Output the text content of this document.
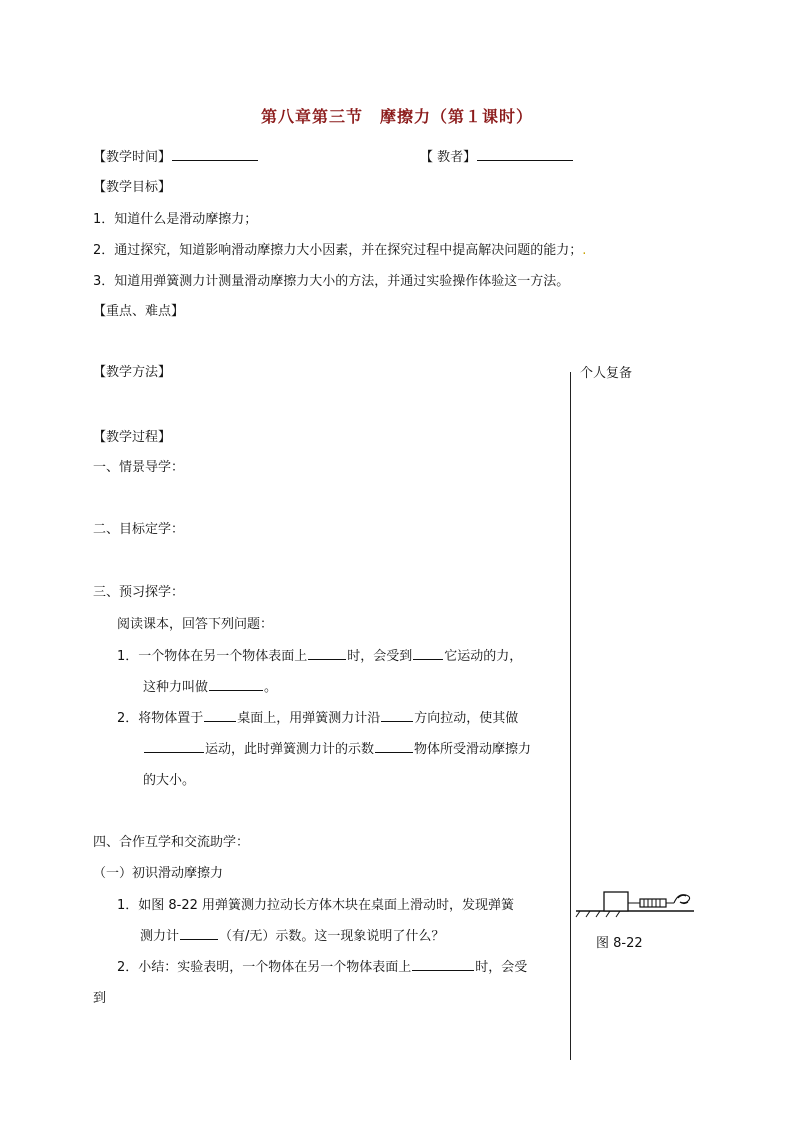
第八章第三节　摩擦力（第１课时）
【教学时间】	【 教者】
【教学目标】
1．知道什么是滑动摩擦力；
2．通过探究，知道影响滑动摩擦力大小因素，并在探究过程中提高解决问题的能力；.
3．知道用弹簧测力计测量滑动摩擦力大小的方法，并通过实验操作体验这一方法。
【重点、难点】
【教学方法】	个人复备
【教学过程】
一、情景导学：
二、目标定学：
三、预习探学：
阅读课本，回答下列问题：
1．一个物体在另一个物体表面上	时，会受到 它运动的力，
这种力叫做	。
2．将物体置于	桌面上，用弹簧测力计沿	方向拉动，使其做
运动，此时弹簧测力计的示数	物体所受滑动摩擦力
的大小。
四、合作互学和交流助学：
（一）初识滑动摩擦力
1．如图 8-22 用弹簧测力拉动长方体木块在桌面上滑动时，发现弹簧
测力计	（有/无）示数。这一现象说明了什么？
2．小结：实验表明，一个物体在另一个物体表面上	时，会受
到
图 8-22
